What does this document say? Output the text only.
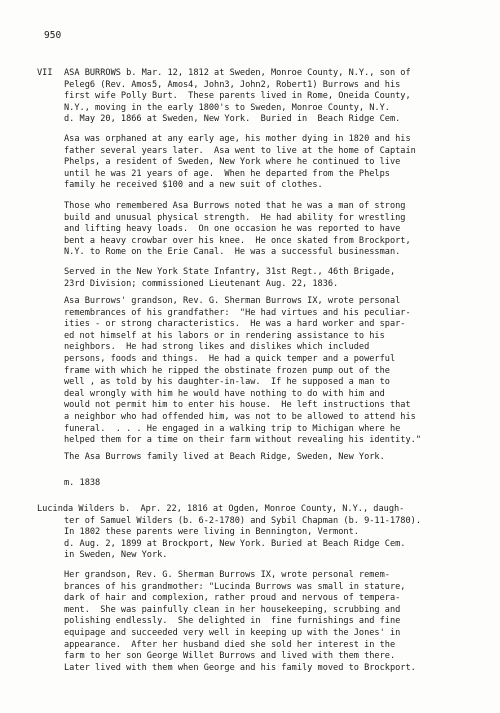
950
VII ASA BURROWS b. Mar. 12, 1812 at Sweden, Monroe County, N.Y., son of
Peleg6 (Rev. Amos5, Amos4, John3, John2, Robert1) Burrows and his
first wife Polly Burt.  These parents lived in Rome, Oneida County,
N.Y., moving in the early 1800's to Sweden, Monroe County, N.Y.
d. May 20, 1866 at Sweden, New York.  Buried in  Beach Ridge Cem.
Asa was orphaned at any early age, his mother dying in 1820 and his
father several years later.  Asa went to live at the home of Captain
Phelps, a resident of Sweden, New York where he continued to live
until he was 21 years of age.  When he departed from the Phelps
family he received $100 and a new suit of clothes.
Those who remembered Asa Burrows noted that he was a man of strong
build and unusual physical strength.  He had ability for wrestling
and lifting heavy loads.  On one occasion he was reported to have
bent a heavy crowbar over his knee.  He once skated from Brockport,
N.Y. to Rome on the Erie Canal.  He was a successful businessman.
Served in the New York State Infantry, 31st Regt., 46th Brigade,
23rd Division; commissioned Lieutenant Aug. 22, 1836.
Asa Burrows' grandson, Rev. G. Sherman Burrows IX, wrote personal
remembrances of his grandfather:  "He had virtues and his peculiar-
ities - or strong characteristics.  He was a hard worker and spar-
ed not himself at his labors or in rendering assistance to his
neighbors.  He had strong likes and dislikes which included
persons, foods and things.  He had a quick temper and a powerful
frame with which he ripped the obstinate frozen pump out of the
well , as told by his daughter-in-law.  If he supposed a man to
deal wrongly with him he would have nothing to do with him and
would not permit him to enter his house.  He left instructions that
a neighbor who had offended him, was not to be allowed to attend his
funeral.  . . . He engaged in a walking trip to Michigan where he
helped them for a time on their farm without revealing his identity."
The Asa Burrows family lived at Beach Ridge, Sweden, New York.
m. 1838
Lucinda Wilders b.  Apr. 22, 1816 at Ogden, Monroe County, N.Y., daugh-
ter of Samuel Wilders (b. 6-2-1780) and Sybil Chapman (b. 9-11-1780).
In 1802 these parents were living in Bennington, Vermont.
d. Aug. 2, 1899 at Brockport, New York. Buried at Beach Ridge Cem.
in Sweden, New York.
Her grandson, Rev. G. Sherman Burrows IX, wrote personal remem-
brances of his grandmother: "Lucinda Burrows was small in stature,
dark of hair and complexion, rather proud and nervous of tempera-
ment.  She was painfully clean in her housekeeping, scrubbing and
polishing endlessly.  She delighted in  fine furnishings and fine
equipage and succeeded very well in keeping up with the Jones' in
appearance.  After her husband died she sold her interest in the
farm to her son George Willet Burrows and lived with them there.
Later lived with them when George and his family moved to Brockport.
